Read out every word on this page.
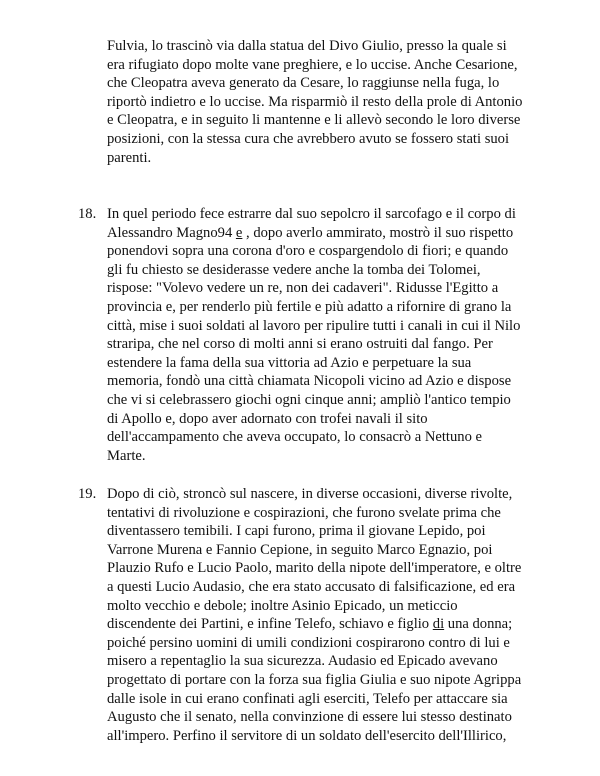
Fulvia, lo trascinò via dalla statua del Divo Giulio, presso la quale si
era rifugiato dopo molte vane preghiere, e lo uccise. Anche Cesarione,
che Cleopatra aveva generato da Cesare, lo raggiunse nella fuga, lo
riportò indietro e lo uccise. Ma risparmiò il resto della prole di Antonio
e Cleopatra, e in seguito li mantenne e li allevò secondo le loro diverse
posizioni, con la stessa cura che avrebbero avuto se fossero stati suoi
parenti.
18. In quel periodo fece estrarre dal suo sepolcro il sarcofago e il corpo di
Alessandro Magno94 e , dopo averlo ammirato, mostrò il suo rispetto
ponendovi sopra una corona d'oro e cospargendolo di fiori; e quando
gli fu chiesto se desiderasse vedere anche la tomba dei Tolomei,
rispose: "Volevo vedere un re, non dei cadaveri". Ridusse l'Egitto a
provincia e, per renderlo più fertile e più adatto a rifornire di grano la
città, mise i suoi soldati al lavoro per ripulire tutti i canali in cui il Nilo
straripa, che nel corso di molti anni si erano ostruiti dal fango. Per
estendere la fama della sua vittoria ad Azio e perpetuare la sua
memoria, fondò una città chiamata Nicopoli vicino ad Azio e dispose
che vi si celebrassero giochi ogni cinque anni; ampliò l'antico tempio
di Apollo e, dopo aver adornato con trofei navali il sito
dell'accampamento che aveva occupato, lo consacrò a Nettuno e
Marte.
19. Dopo di ciò, stroncò sul nascere, in diverse occasioni, diverse rivolte,
tentativi di rivoluzione e cospirazioni, che furono svelate prima che
diventassero temibili. I capi furono, prima il giovane Lepido, poi
Varrone Murena e Fannio Cepione, in seguito Marco Egnazio, poi
Plauzio Rufo e Lucio Paolo, marito della nipote dell'imperatore, e oltre
a questi Lucio Audasio, che era stato accusato di falsificazione, ed era
molto vecchio e debole; inoltre Asinio Epicado, un meticcio
discendente dei Partini, e infine Telefo, schiavo e figlio di una donna;
poiché persino uomini di umili condizioni cospirarono contro di lui e
misero a repentaglio la sua sicurezza. Audasio ed Epicado avevano
progettato di portare con la forza sua figlia Giulia e suo nipote Agrippa
dalle isole in cui erano confinati agli eserciti, Telefo per attaccare sia
Augusto che il senato, nella convinzione di essere lui stesso destinato
all'impero. Perfino il servitore di un soldato dell'esercito dell'Illirico,
